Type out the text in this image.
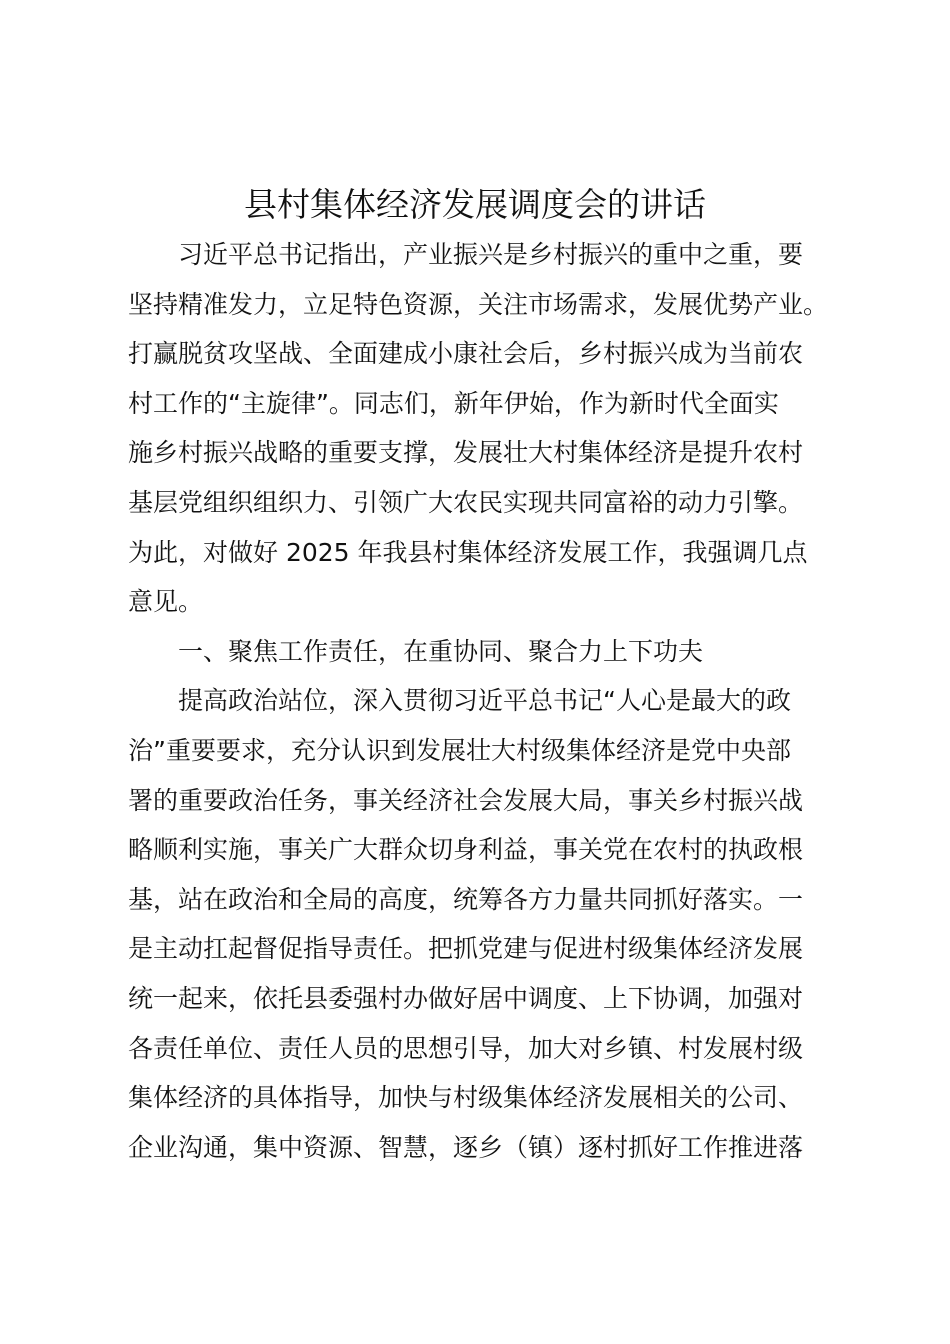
县村集体经济发展调度会的讲话
　　习近平总书记指出，产业振兴是乡村振兴的重中之重，要
坚持精准发力，立足特色资源，关注市场需求，发展优势产业。
打赢脱贫攻坚战、全面建成小康社会后，乡村振兴成为当前农
村工作的“主旋律”。同志们，新年伊始，作为新时代全面实
施乡村振兴战略的重要支撑，发展壮大村集体经济是提升农村
基层党组织组织力、引领广大农民实现共同富裕的动力引擎。
为此，对做好 2025 年我县村集体经济发展工作，我强调几点
意见。
　　一、聚焦工作责任，在重协同、聚合力上下功夫
　　提高政治站位，深入贯彻习近平总书记“人心是最大的政
治”重要要求，充分认识到发展壮大村级集体经济是党中央部
署的重要政治任务，事关经济社会发展大局，事关乡村振兴战
略顺利实施，事关广大群众切身利益，事关党在农村的执政根
基，站在政治和全局的高度，统筹各方力量共同抓好落实。一
是主动扛起督促指导责任。把抓党建与促进村级集体经济发展
统一起来，依托县委强村办做好居中调度、上下协调，加强对
各责任单位、责任人员的思想引导，加大对乡镇、村发展村级
集体经济的具体指导，加快与村级集体经济发展相关的公司、
企业沟通，集中资源、智慧，逐乡（镇）逐村抓好工作推进落
